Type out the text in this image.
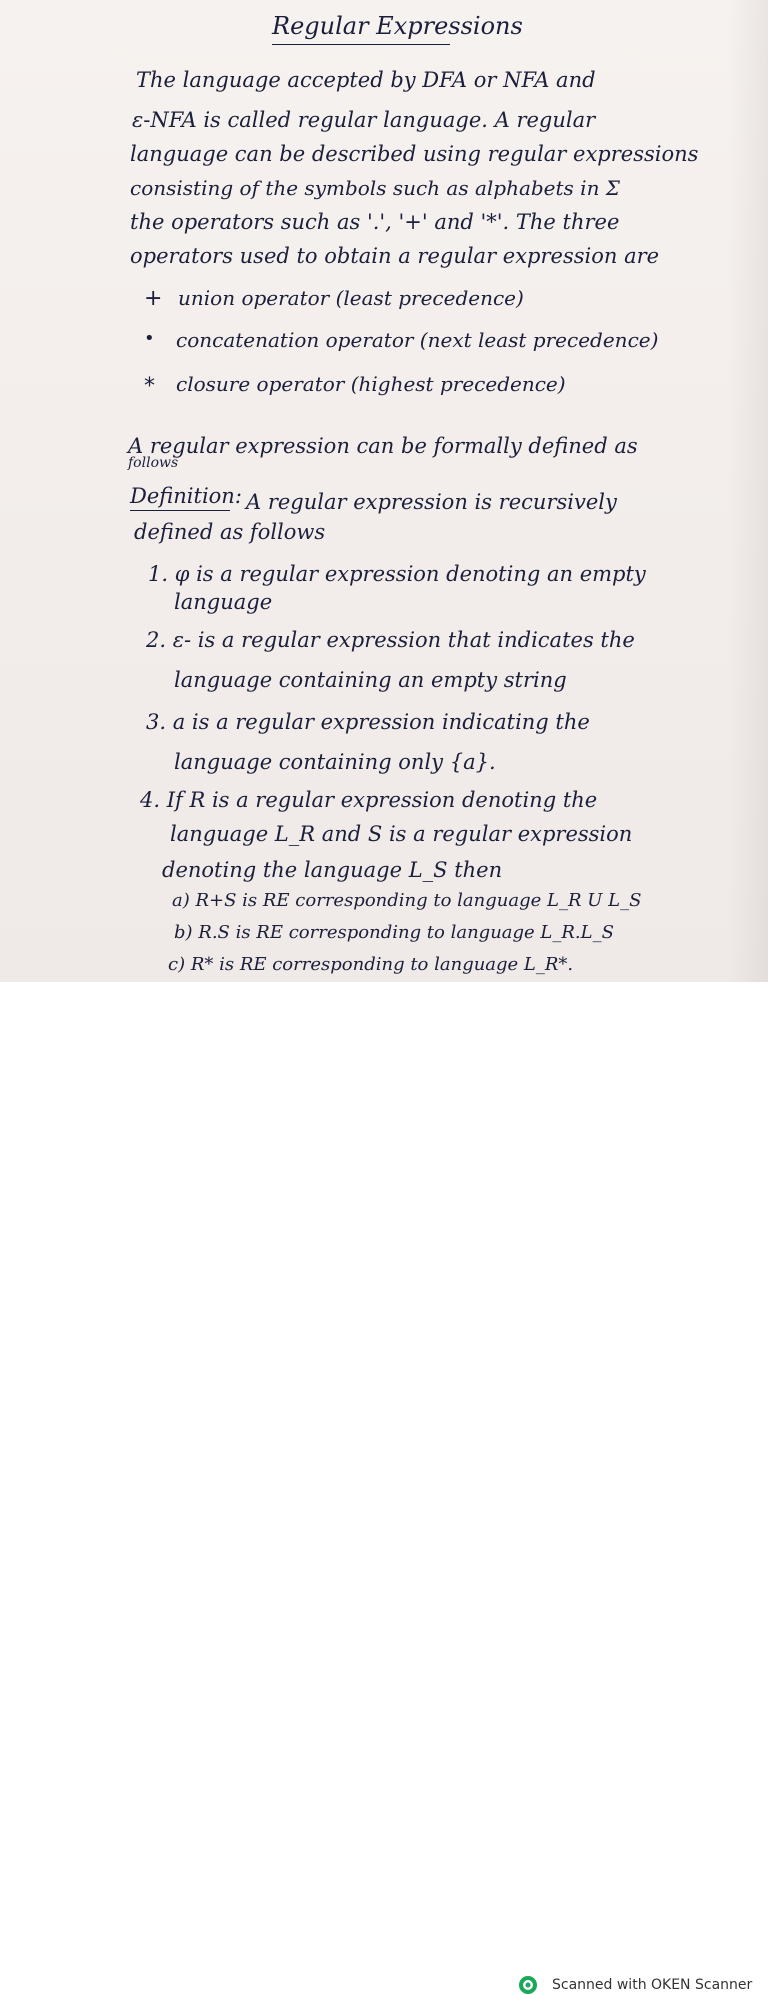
Regular Expressions
The language accepted by DFA or NFA and
ε-NFA is called regular language. A regular
language can be described using regular expressions
consisting of the symbols such as alphabets in Σ
the operators such as '.', '+' and '*'. The three
operators used to obtain a regular expression are
+ union operator (least precedence)
• concatenation operator (next least precedence)
* closure operator (highest precedence)
A regular expression can be formally defined as
follows
Definition: A regular expression is recursively
defined as follows
1. φ is a regular expression denoting an empty
language
2. ε- is a regular expression that indicates the
language containing an empty string
3. a is a regular expression indicating the
language containing only {a}.
4. If R is a regular expression denoting the
language L_R and S is a regular expression
denoting the language L_S then
a) R+S is RE corresponding to language L_R U L_S
b) R.S is RE corresponding to language L_R.L_S
c) R* is RE corresponding to language L_R*.
Scanned with OKEN Scanner
